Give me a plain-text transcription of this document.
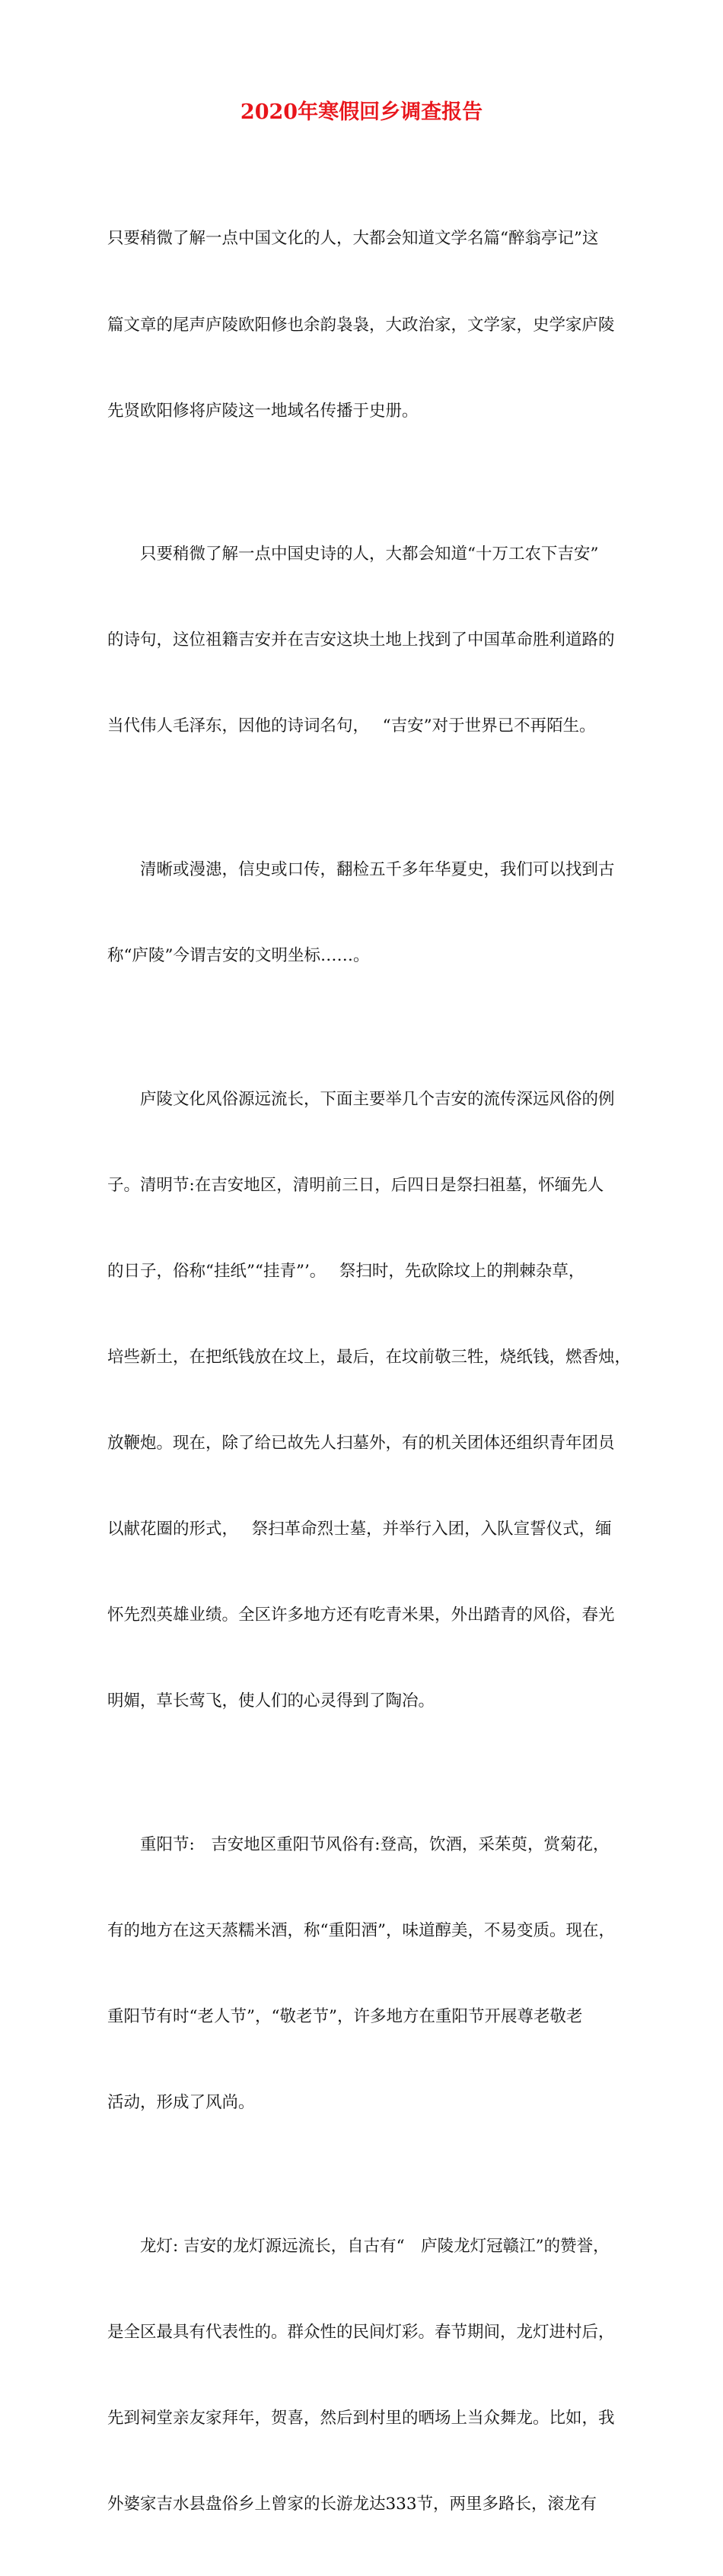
2020年寒假回乡调查报告

只要稍微了解一点中国文化的人，大都会知道文学名篇“醉翁亭记”这

篇文章的尾声庐陵欧阳修也余韵袅袅，大政治家，文学家，史学家庐陵

先贤欧阳修将庐陵这一地域名传播于史册。

　　只要稍微了解一点中国史诗的人，大都会知道“十万工农下吉安”

的诗句，这位祖籍吉安并在吉安这块土地上找到了中国革命胜利道路的

当代伟人毛泽东，因他的诗词名句，　 “吉安”对于世界已不再陌生。

　　清晰或漫漶，信史或口传，翻检五千多年华夏史，我们可以找到古

称“庐陵”今谓吉安的文明坐标……。

　　庐陵文化风俗源远流长，下面主要举几个吉安的流传深远风俗的例

子。清明节:在吉安地区，清明前三日，后四日是祭扫祖墓，怀缅先人

的日子，俗称“挂纸”“挂青”’。　 祭扫时，先砍除坟上的荆棘杂草，

培些新土，在把纸钱放在坟上，最后，在坟前敬三牲，烧纸钱，燃香烛，

放鞭炮。现在，除了给已故先人扫墓外，有的机关团体还组织青年团员

以献花圈的形式，　 祭扫革命烈士墓，并举行入团，入队宣誓仪式，缅

怀先烈英雄业绩。全区许多地方还有吃青米果，外出踏青的风俗，春光

明媚，草长莺飞，使人们的心灵得到了陶冶。

　　重阳节:　吉安地区重阳节风俗有:登高，饮酒，采茱萸，赏菊花，

有的地方在这天蒸糯米酒，称“重阳酒”，味道醇美，不易变质。现在，

重阳节有时“老人节”，“敬老节”，许多地方在重阳节开展尊老敬老

活动，形成了风尚。

　　龙灯: 吉安的龙灯源远流长，自古有“　庐陵龙灯冠赣江”的赞誉，

是全区最具有代表性的。群众性的民间灯彩。春节期间，龙灯进村后，

先到祠堂亲友家拜年，贺喜，然后到村里的晒场上当众舞龙。比如，我

外婆家吉水县盘俗乡上曾家的长游龙达333节，两里多路长，滚龙有
